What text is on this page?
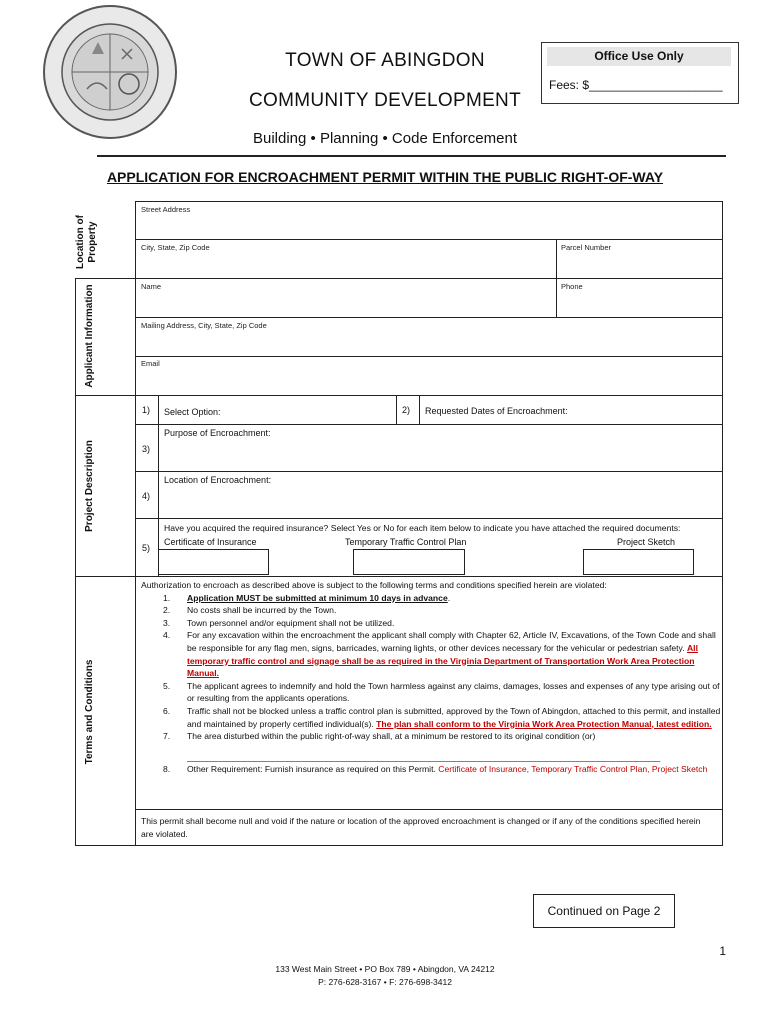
TOWN OF ABINGDON
COMMUNITY DEVELOPMENT
Office Use Only
Fees: $____________________
Building • Planning • Code Enforcement
APPLICATION FOR ENCROACHMENT PERMIT WITHIN THE PUBLIC RIGHT-OF-WAY
Location of Property
Applicant Information
Project Description
Terms and Conditions
Street Address
City, State, Zip Code	Parcel Number
Name	Phone
Mailing Address, City, State, Zip Code
Email
1) Select Option:	2) Requested Dates of Encroachment:
Purpose of Encroachment:
3)
Location of Encroachment:
4)
Have you acquired the required insurance? Select Yes or No for each item below to indicate you have attached the required documents:
Certificate of Insurance	Temporary Traffic Control Plan	Project Sketch
5)
Authorization to encroach as described above is subject to the following terms and conditions specified herein are violated:
1.	Application MUST be submitted at minimum 10 days in advance.
2.	No costs shall be incurred by the Town.
3.	Town personnel and/or equipment shall not be utilized.
4.	For any excavation within the encroachment the applicant shall comply with Chapter 62, Article IV, Excavations, of the Town Code and shall be responsible for any flag men, signs, barricades, warning lights, or other devices necessary for the vehicular or pedestrian safety. All temporary traffic control and signage shall be as required in the Virginia Department of Transportation Work Area Protection Manual.
5.	The applicant agrees to indemnify and hold the Town harmless against any claims, damages, losses and expenses of any type arising out of or resulting from the applicants operations.
6.	Traffic shall not be blocked unless a traffic control plan is submitted, approved by the Town of Abingdon, attached to this permit, and installed and maintained by properly certified individual(s). The plan shall conform to the Virginia Work Area Protection Manual, latest edition.
7.	The area disturbed within the public right-of-way shall, at a minimum be restored to its original condition (or)
___________________________________________________________________________________________________
8.	Other Requirement: Furnish insurance as required on this Permit. Certificate of Insurance, Temporary Traffic Control Plan, Project Sketch
This permit shall become null and void if the nature or location of the approved encroachment is changed or if any of the conditions specified herein are violated.
Continued on Page 2
1
133 West Main Street • PO Box 789 • Abingdon, VA 24212
P: 276-628-3167 • F: 276-698-3412
